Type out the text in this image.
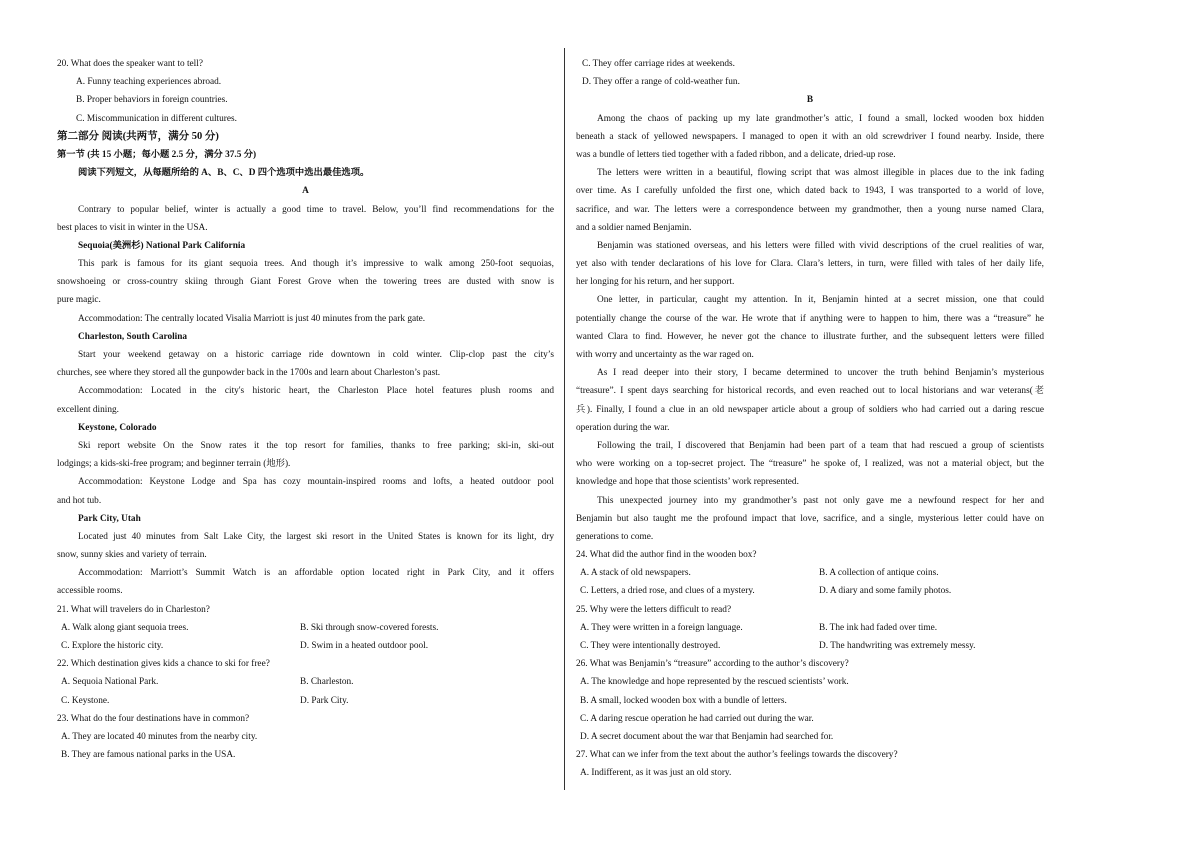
20. What does the speaker want to tell?
A. Funny teaching experiences abroad.
B. Proper behaviors in foreign countries.
C. Miscommunication in different cultures.
第二部分 阅读(共两节，满分 50 分)
第一节 (共 15 小题；每小题 2.5 分，满分 37.5 分)
阅读下列短文，从每题所给的 A、B、C、D 四个选项中选出最佳选项。
A
Contrary to popular belief, winter is actually a good time to travel. Below, you’ll find recommendations for the
best places to visit in winter in the USA.
Sequoia(美洲杉) National Park California
This park is famous for its giant sequoia trees. And though it’s impressive to walk among 250-foot sequoias,
snowshoeing or cross-country skiing through Giant Forest Grove when the towering trees are dusted with snow is
pure magic.
Accommodation: The centrally located Visalia Marriott is just 40 minutes from the park gate.
Charleston, South Carolina
Start your weekend getaway on a historic carriage ride downtown in cold winter. Clip-clop past the city’s
churches, see where they stored all the gunpowder back in the 1700s and learn about Charleston’s past.
Accommodation: Located in the city's historic heart, the Charleston Place hotel features plush rooms and
excellent dining.
Keystone, Colorado
Ski report website On the Snow rates it the top resort for families, thanks to free parking; ski-in, ski-out
lodgings; a kids-ski-free program; and beginner terrain (地形).
Accommodation: Keystone Lodge and Spa has cozy mountain-inspired rooms and lofts, a heated outdoor pool
and hot tub.
Park City, Utah
Located just 40 minutes from Salt Lake City, the largest ski resort in the United States is known for its light, dry
snow, sunny skies and variety of terrain.
Accommodation: Marriott’s Summit Watch is an affordable option located right in Park City, and it offers
accessible rooms.
21. What will travelers do in Charleston?
A. Walk along giant sequoia trees.	B. Ski through snow-covered forests.
C. Explore the historic city.	D. Swim in a heated outdoor pool.
22. Which destination gives kids a chance to ski for free?
A. Sequoia National Park.	B. Charleston.
C. Keystone.	D. Park City.
23. What do the four destinations have in common?
A. They are located 40 minutes from the nearby city.
B. They are famous national parks in the USA.
C. They offer carriage rides at weekends.
D. They offer a range of cold-weather fun.
B
Among the chaos of packing up my late grandmother’s attic, I found a small, locked wooden box hidden
beneath a stack of yellowed newspapers. I managed to open it with an old screwdriver I found nearby. Inside, there
was a bundle of letters tied together with a faded ribbon, and a delicate, dried-up rose.
The letters were written in a beautiful, flowing script that was almost illegible in places due to the ink fading
over time. As I carefully unfolded the first one, which dated back to 1943, I was transported to a world of love,
sacrifice, and war. The letters were a correspondence between my grandmother, then a young nurse named Clara,
and a soldier named Benjamin.
Benjamin was stationed overseas, and his letters were filled with vivid descriptions of the cruel realities of war,
yet also with tender declarations of his love for Clara. Clara’s letters, in turn, were filled with tales of her daily life,
her longing for his return, and her support.
One letter, in particular, caught my attention. In it, Benjamin hinted at a secret mission, one that could
potentially change the course of the war. He wrote that if anything were to happen to him, there was a “treasure” he
wanted Clara to find. However, he never got the chance to illustrate further, and the subsequent letters were filled
with worry and uncertainty as the war raged on.
As I read deeper into their story, I became determined to uncover the truth behind Benjamin’s mysterious
“treasure”. I spent days searching for historical records, and even reached out to local historians and war veterans(老
兵). Finally, I found a clue in an old newspaper article about a group of soldiers who had carried out a daring rescue
operation during the war.
Following the trail, I discovered that Benjamin had been part of a team that had rescued a group of scientists
who were working on a top-secret project. The “treasure” he spoke of, I realized, was not a material object, but the
knowledge and hope that those scientists’ work represented.
This unexpected journey into my grandmother’s past not only gave me a newfound respect for her and
Benjamin but also taught me the profound impact that love, sacrifice, and a single, mysterious letter could have on
generations to come.
24. What did the author find in the wooden box?
A. A stack of old newspapers.	B. A collection of antique coins.
C. Letters, a dried rose, and clues of a mystery.	D. A diary and some family photos.
25. Why were the letters difficult to read?
A. They were written in a foreign language.	B. The ink had faded over time.
C. They were intentionally destroyed.	D. The handwriting was extremely messy.
26. What was Benjamin’s “treasure” according to the author’s discovery?
A. The knowledge and hope represented by the rescued scientists’ work.
B. A small, locked wooden box with a bundle of letters.
C. A daring rescue operation he had carried out during the war.
D. A secret document about the war that Benjamin had searched for.
27. What can we infer from the text about the author’s feelings towards the discovery?
A. Indifferent, as it was just an old story.
